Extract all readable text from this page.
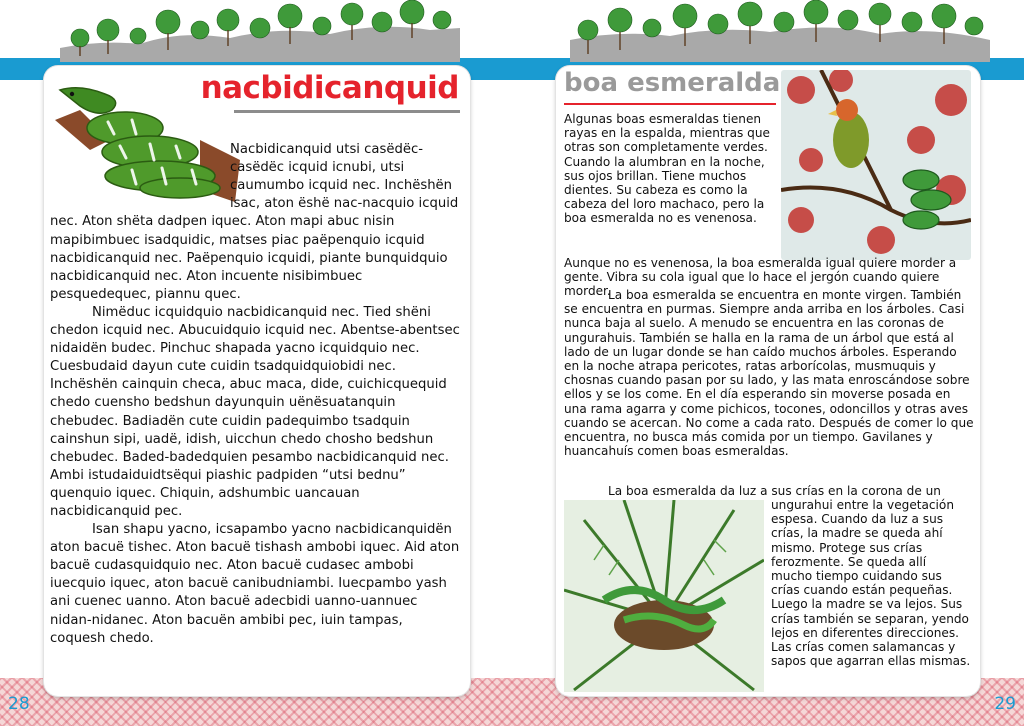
nacbidicanquid

Nacbidicanquid utsi casëdëc-casëdëc icquid icnubi, utsi caumumbo icquid nec. Inchëshën isac, aton ëshë nac-nacquio icquid nec. Aton shëta dadpen iquec. Aton mapi abuc nisin mapibimbuec isadquidic, matses piac paëpenquio icquid nacbidicanquid nec. Paëpenquio icquidi, piante bunquidquio nacbidicanquid nec. Aton incuente nisibimbuec pesquedequec, piannu quec.

Nimëduc icquidquio nacbidicanquid nec. Tied shëni chedon icquid nec. Abucuidquio icquid nec. Abentse-abentsec nidaidën budec. Pinchuc shapada yacno icquidquio nec. Cuesbudaid dayun cute cuidin tsadquidquiobidi nec. Inchëshën cainquin checa, abuc maca, dide, cuichicquequid chedo cuensho bedshun dayunquin uënësuatanquin chebudec. Badiadën cute cuidin padequimbo tsadquin cainshun sipi, uadë, idish, uicchun chedo chosho bedshun chebudec. Baded-badedquien pesambo nacbidicanquid nec. Ambi istudaiduidtsëqui piashic padpiden “utsi bednu” quenquio iquec. Chiquin, adshumbic uancauan nacbidicanquid pec.

Isan shapu yacno, icsapambo yacno nacbidicanquidën aton bacuë tishec. Aton bacuë tishash ambobi iquec. Aid aton bacuë cudasquidquio nec. Aton bacuë cudasec ambobi iuecquio iquec, aton bacuë canibudniambi. Iuecpambo yash ani cuenec uanno. Aton bacuë adecbidi uanno-uannuec nidan-nidanec. Aton bacuën ambibi pec, iuin tampas, coquesh chedo.

28
boa esmeralda

Algunas boas esmeraldas tienen rayas en la espalda, mientras que otras son completamente verdes. Cuando la alumbran en la noche, sus ojos brillan. Tiene muchos dientes. Su cabeza es como la cabeza del loro machaco, pero la boa esmeralda no es venenosa.

Aunque no es venenosa, la boa esmeralda igual quiere morder a gente. Vibra su cola igual que lo hace el jergón cuando quiere morder.

La boa esmeralda se encuentra en monte virgen. También se encuentra en purmas. Siempre anda arriba en los árboles. Casi nunca baja al suelo. A menudo se encuentra en las coronas de ungurahuis. También se halla en la rama de un árbol que está al lado de un lugar donde se han caído muchos árboles. Esperando en la noche atrapa pericotes, ratas arborícolas, musmuquis y chosnas cuando pasan por su lado, y las mata enroscándose sobre ellos y se los come. En el día esperando sin moverse posada en una rama agarra y come pichicos, tocones, odoncillos y otras aves cuando se acercan. No come a cada rato. Después de comer lo que encuentra, no busca más comida por un tiempo. Gavilanes y huancahuís comen boas esmeraldas.

La boa esmeralda da luz a sus crías en la corona de un

ungurahui entre la vegetación espesa. Cuando da luz a sus crías, la madre se queda ahí mismo. Protege sus crías ferozmente. Se queda allí mucho tiempo cuidando sus crías cuando están pequeñas. Luego la madre se va lejos. Sus crías también se separan, yendo lejos en diferentes direcciones. Las crías comen salamancas y sapos que agarran ellas mismas.

29
